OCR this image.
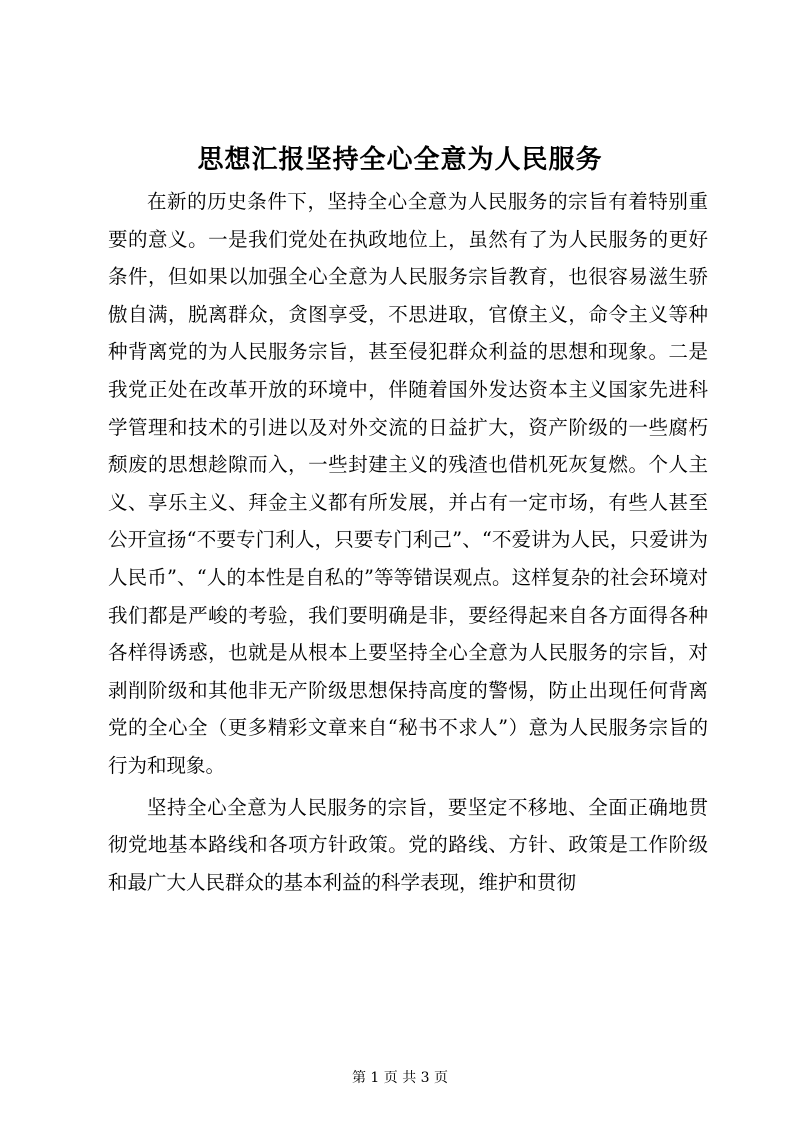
思想汇报坚持全心全意为人民服务

在新的历史条件下，坚持全心全意为人民服务的宗旨有着特别重要的意义。一是我们党处在执政地位上，虽然有了为人民服务的更好条件，但如果以加强全心全意为人民服务宗旨教育，也很容易滋生骄傲自满，脱离群众，贪图享受，不思进取，官僚主义，命令主义等种种背离党的为人民服务宗旨，甚至侵犯群众利益的思想和现象。二是我党正处在改革开放的环境中，伴随着国外发达资本主义国家先进科学管理和技术的引进以及对外交流的日益扩大，资产阶级的一些腐朽颓废的思想趁隙而入，一些封建主义的残渣也借机死灰复燃。个人主义、享乐主义、拜金主义都有所发展，并占有一定市场，有些人甚至公开宣扬“不要专门利人，只要专门利己”、“不爱讲为人民，只爱讲为人民币”、“人的本性是自私的”等等错误观点。这样复杂的社会环境对我们都是严峻的考验，我们要明确是非，要经得起来自各方面得各种各样得诱惑，也就是从根本上要坚持全心全意为人民服务的宗旨，对剥削阶级和其他非无产阶级思想保持高度的警惕，防止出现任何背离党的全心全（更多精彩文章来自“秘书不求人”）意为人民服务宗旨的行为和现象。

坚持全心全意为人民服务的宗旨，要坚定不移地、全面正确地贯彻党地基本路线和各项方针政策。党的路线、方针、政策是工作阶级和最广大人民群众的基本利益的科学表现，维护和贯彻

第 1 页 共 3 页
